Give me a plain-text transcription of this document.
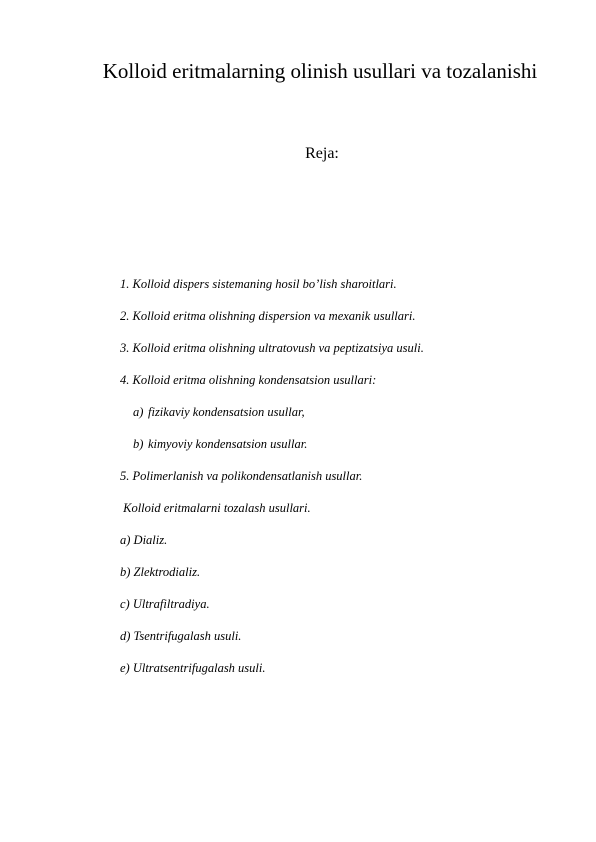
Kolloid eritmalarning olinish usullari va tozalanishi
Reja:
1. Kolloid dispers sistemaning hosil bo’lish sharoitlari.
2. Kolloid eritma olishning dispersion va mexanik usullari.
3. Kolloid eritma olishning ultratovush va peptizatsiya usuli.
4. Kolloid eritma olishning kondensatsion usullari:
a) fizikaviy kondensatsion usullar,
b) kimyoviy kondensatsion usullar.
5. Polimerlanish va polikondensatlanish usullar.
Kolloid eritmalarni tozalash usullari.
a) Dializ.
b) Zlektrodializ.
c) Ultrafiltradiya.
d) Tsentrifugalash usuli.
e) Ultratsentrifugalash usuli.
